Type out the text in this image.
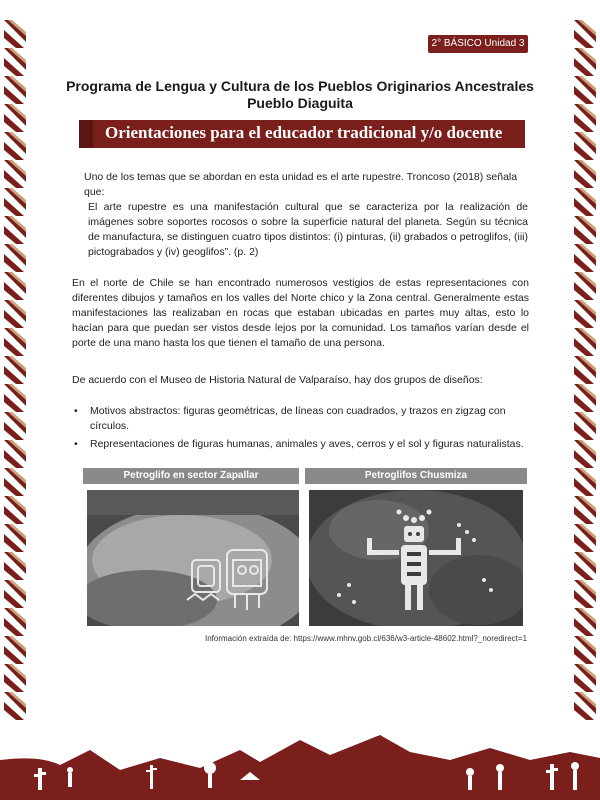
2° BÁSICO Unidad 3
Programa de Lengua y Cultura de los Pueblos Originarios Ancestrales
Pueblo Diaguita
Orientaciones para el educador tradicional y/o docente

Uno de los temas que se abordan en esta unidad es el arte rupestre. Troncoso (2018) señala que:

El arte rupestre es una manifestación cultural que se caracteriza por la realización de imágenes sobre soportes rocosos o sobre la superficie natural del planeta. Según su técnica de manufactura, se distinguen cuatro tipos distintos: (i) pinturas, (ii) grabados o petroglifos, (iii) pictograbados y (iv) geoglifos”. (p. 2)

En el norte de Chile se han encontrado numerosos vestigios de estas representaciones con diferentes dibujos y tamaños en los valles del Norte chico y la Zona central. Generalmente estas manifestaciones las realizaban en rocas que estaban ubicadas en partes muy altas, esto lo hacían para que puedan ser vistos desde lejos por la comunidad. Los tamaños varían desde el porte de una mano hasta los que tienen el tamaño de una persona.

De acuerdo con el Museo de Historia Natural de Valparaíso, hay dos grupos de diseños:

• Motivos abstractos: figuras geométricas, de líneas con cuadrados, y trazos en zigzag con círculos.
• Representaciones de figuras humanas, animales y aves, cerros y el sol y figuras naturalistas.
Petroglifo en sector Zapallar	Petroglifos Chusmiza
Información extraída de: https://www.mhnv.gob.cl/636/w3-article-48602.html?_noredirect=1
